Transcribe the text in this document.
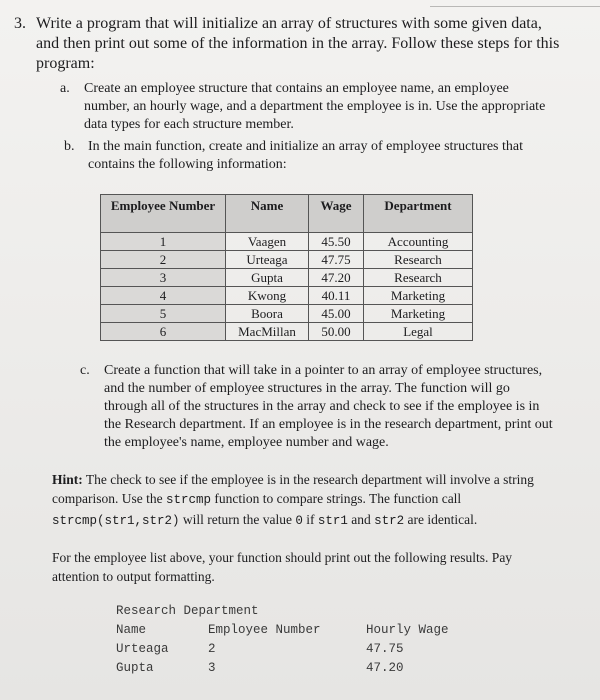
3. Write a program that will initialize an array of structures with some given data, and then print out some of the information in the array. Follow these steps for this program:
a. Create an employee structure that contains an employee name, an employee number, an hourly wage, and a department the employee is in. Use the appropriate data types for each structure member.
b. In the main function, create and initialize an array of employee structures that contains the following information:
Employee Number	Name	Wage	Department
1	Vaagen	45.50	Accounting
2	Urteaga	47.75	Research
3	Gupta	47.20	Research
4	Kwong	40.11	Marketing
5	Boora	45.00	Marketing
6	MacMillan	50.00	Legal
c. Create a function that will take in a pointer to an array of employee structures, and the number of employee structures in the array. The function will go through all of the structures in the array and check to see if the employee is in the Research department. If an employee is in the research department, print out the employee's name, employee number and wage.
Hint: The check to see if the employee is in the research department will involve a string comparison. Use the strcmp function to compare strings. The function call strcmp(str1,str2) will return the value 0 if str1 and str2 are identical.
For the employee list above, your function should print out the following results. Pay attention to output formatting.
Research Department
Name	Employee Number	Hourly Wage
Urteaga	2	47.75
Gupta	3	47.20
